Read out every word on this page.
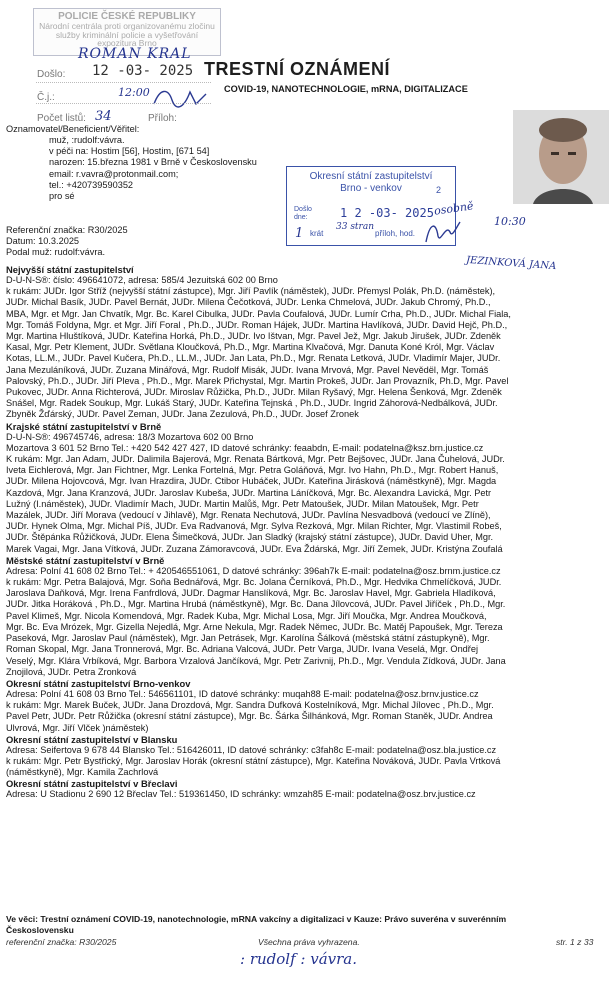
POLICIE ČESKÉ REPUBLIKY
Národní centrála proti organizovanému zločinu
služby kriminální policie a vyšetřování
expozitura Brno
ROMAN KRAL
Došlo: 12 -03- 2025
Č.j.:	12:00
Počet listů: 34	Příloh:
TRESTNÍ OZNÁMENÍ
COVID-19, NANOTECHNOLOGIE, mRNA, DIGITALIZACE
Oznamovatel/Beneficient/Věřitel:
muž, :rudolf:vávra.
v péči na: Hostim [56], Hostim, [671 54]
narozen: 15.března 1981 v Brně v Československu
email: r.vavra@protonmail.com;
tel.: +420739590352
pro sé
Okresní státní zastupitelství
Brno - venkov	2
Došlo dne:	1 2 -03- 2025 osobně
10:30
1 krát
33 stran
příloh, hod.
JEZINKOVÁ JANA
Referenční značka: R30/2025
Datum: 10.3.2025
Podal muž: rudolf:vávra.
Nejvyšší státní zastupitelství
D-U-N-S®: číslo: 496641072, adresa: 585/4 Jezuitská 602 00 Brno
k rukám: JUDr. Igor Stříž (nejvyšší státní zástupce), Mgr. Jiří Pavlík (náměstek), JUDr. Přemysl Polák, Ph.D. (náměstek),
JUDr. Michal Basík, JUDr. Pavel Bernát, JUDr. Milena Čečotková, JUDr. Lenka Chmelová, JUDr. Jakub Chromý, Ph.D.,
MBA, Mgr. et Mgr. Jan Chvatík, Mgr. Bc. Karel Cibulka, JUDr. Pavla Coufalová, JUDr. Lumír Crha, Ph.D., JUDr. Michal Fiala,
Mgr. Tomáš Foldyna, Mgr. et Mgr. Jiří Foral , Ph.D., JUDr. Roman Hájek, JUDr. Martina Havlíková, JUDr. David Hejč, Ph.D.,
Mgr. Martina Hluštíková, JUDr. Kateřina Horká, Ph.D., JUDr. Ivo Ištvan, Mgr. Pavel Jež, Mgr. Jakub Jirušek, JUDr. Zdeněk
Kasal, Mgr. Petr Klement, JUDr. Světlana Kloučková, Ph.D., Mgr. Martina Klvačová, Mgr. Danuta Koné Król, Mgr. Václav
Kotas, LL.M., JUDr. Pavel Kučera, Ph.D., LL.M., JUDr. Jan Lata, Ph.D., Mgr. Renata Letková, JUDr. Vladimír Majer, JUDr.
Jana Mezuláníková, JUDr. Zuzana Minářová, Mgr. Rudolf Misák, JUDr. Ivana Mrvová, Mgr. Pavel Nevědël, Mgr. Tomáš
Palovský, Ph.D., JUDr. Jiří Pleva , Ph.D., Mgr. Marek Přichystal, Mgr. Martin Prokeš, JUDr. Jan Provazník, Ph.D, Mgr. Pavel
Pukovec, JUDr. Anna Richterová, JUDr. Miroslav Růžička, Ph.D., JUDr. Milan Ryšavý, Mgr. Helena Šenková, Mgr. Zdeněk
Snášel, Mgr. Radek Soukup, Mgr. Lukáš Starý, JUDr. Kateřina Tejnská , Ph.D., JUDr. Ingrid Záhorová-Nedbálková, JUDr.
Zbyněk Žďárský, JUDr. Pavel Zeman, JUDr. Jana Zezulová, Ph.D., JUDr. Josef Zronek
Krajské státní zastupitelství v Brně
D-U-N-S®: 496745746, adresa: 18/3 Mozartova 602 00 Brno
Mozartova 3 601 52 Brno Tel.: +420 542 427 427, ID datové schránky: feaabdn, E-mail: podatelna@ksz.brn.justice.cz
K rukám: Mgr. Jan Adam, JUDr. Dalimila Bajerová, Mgr. Renata Bártková, Mgr. Petr Bejšovec, JUDr. Jana Čuhelová, JUDr.
Iveta Eichlerová, Mgr. Jan Fichtner, Mgr. Lenka Fortelná, Mgr. Petra Goláňová, Mgr. Ivo Hahn, Ph.D., Mgr. Robert Hanuš,
JUDr. Milena Hojovcová, Mgr. Ivan Hrazdira, JUDr. Ctibor Hubáček, JUDr. Kateřina Jirásková (náměstkyně), Mgr. Magda
Kazdová, Mgr. Jana Kranzová, JUDr. Jaroslav Kubeša, JUDr. Martina Láníčková, Mgr. Bc. Alexandra Lavická, Mgr. Petr
Lužný (I.náměstek), JUDr. Vladimír Mach, JUDr. Martin Malůš, Mgr. Petr Matoušek, JUDr. Milan Matoušek, Mgr. Petr
Mazálek, JUDr. Jiří Morava (vedoucí v Jihlavě), Mgr. Renata Nechutová, JUDr. Pavlína Nesvadbová (vedoucí ve Zlíně),
JUDr. Hynek Olma, Mgr. Michal Píš, JUDr. Eva Radvanová, Mgr. Sylva Rezková, Mgr. Milan Richter, Mgr. Vlastimil Robeš,
JUDr. Štěpánka Růžičková, JUDr. Elena Šimečková, JUDr. Jan Sladký (krajský státní zástupce), JUDr. David Uher, Mgr.
Marek Vagai, Mgr. Jana Vítková, JUDr. Zuzana Zámoravcová, JUDr. Eva Ždárská, Mgr. Jiří Zemek, JUDr. Kristýna Zoufalá
Městské státní zastupitelství v Brně
Adresa: Polní 41 608 02 Brno Tel.: + 420546551061, D datové schránky: 396ah7k E-mail: podatelna@osz.brnm.justice.cz
k rukám: Mgr. Petra Balajová, Mgr. Soňa Bednářová, Mgr. Bc. Jolana Černíková, Ph.D., Mgr. Hedvika Chmelíčková, JUDr.
Jaroslava Daňková, Mgr. Irena Fanfrdlová, JUDr. Dagmar Hanslíková, Mgr. Bc. Jaroslav Havel, Mgr. Gabriela Hladíková,
JUDr. Jitka Horáková , Ph.D., Mgr. Martina Hrubá (náměstkyně), Mgr. Bc. Dana Jílovcová, JUDr. Pavel Jiříček , Ph.D., Mgr.
Pavel Klimeš, Mgr. Nicola Komendová, Mgr. Radek Kuba, Mgr. Michal Losa, Mgr. Jiří Moučka, Mgr. Andrea Moučková,
Mgr. Bc. Eva Mrózek, Mgr. Gizella Nejedlá, Mgr. Arne Nekula, Mgr. Radek Němec, JUDr. Bc. Matěj Papoušek, Mgr. Tereza
Paseková, Mgr. Jaroslav Paul (náměstek), Mgr. Jan Petrásek, Mgr. Karolína Šálková (městská státní zástupkyně), Mgr.
Roman Skopal, Mgr. Jana Tronnerová, Mgr. Bc. Adriana Valcová, JUDr. Petr Varga, JUDr. Ivana Veselá, Mgr. Ondřej
Veselý, Mgr. Klára Vrbíková, Mgr. Barbora Vrzalová Jančíková, Mgr. Petr Zarivnij, Ph.D., Mgr. Vendula Zídková, JUDr. Jana
Znojilová, JUDr. Petra Zronková
Okresní státní zastupitelství Brno-venkov
Adresa: Polní 41 608 03 Brno Tel.: 546561101, ID datové schránky: muqah88 E-mail: podatelna@osz.brnv.justice.cz
k rukám: Mgr. Marek Buček, JUDr. Jana Drozdová, Mgr. Sandra Dufková Kostelníková, Mgr. Michal Jílovec , Ph.D., Mgr.
Pavel Petr, JUDr. Petr Růžička (okresní státní zástupce), Mgr. Bc. Šárka Šilhánková, Mgr. Roman Staněk, JUDr. Andrea
Ulvrová, Mgr. Jiří Vlček )náměstek)
Okresní státní zastupitelství v Blansku
Adresa: Seifertova 9 678 44 Blansko Tel.: 516426011, ID datové schránky: c3fah8c E-mail: podatelna@osz.bla.justice.cz
k rukám: Mgr. Petr Bystřický, Mgr. Jaroslav Horák (okresní státní zástupce), Mgr. Kateřina Nováková, JUDr. Pavla Vrtková
(náměstkyně), Mgr. Kamila Zachrlová
Okresní státní zastupitelství v Břeclavi
Adresa: U Stadionu 2 690 12 Břeclav Tel.: 519361450, ID schránky: wmzah85 E-mail: podatelna@osz.brv.justice.cz
Ve věci: Trestní oznámení COVID-19, nanotechnologie, mRNA vakcíny a digitalizaci v Kauze: Právo suveréna v suverénním
Československu
referenční značka: R30/2025	Všechna práva vyhrazena.	str. 1 z 33
: rudolf : vávra.
